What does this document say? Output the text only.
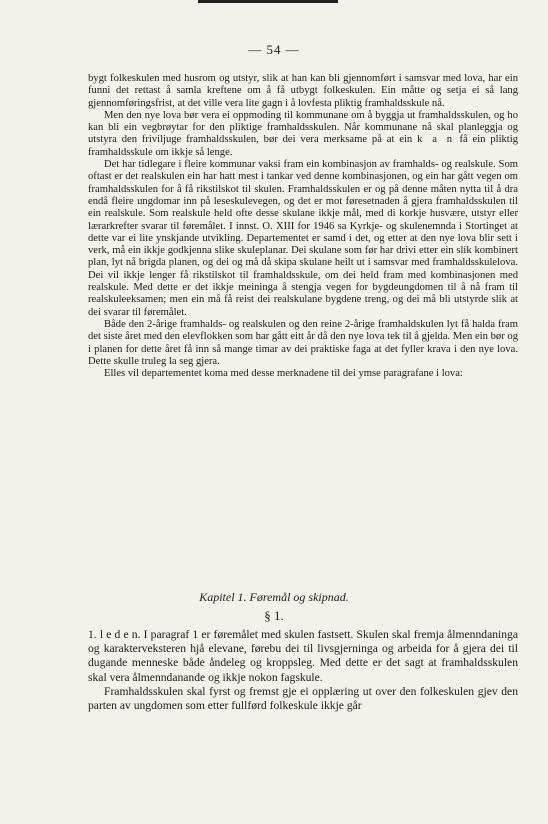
— 54 —

bygt folkeskulen med husrom og utstyr, slik at han kan bli gjennomført i samsvar med lova, har ein funni det rettast å samla kreftene om å få utbygt folkeskulen. Ein måtte og setja ei så lang gjennomføringsfrist, at det ville vera lite gagn i å lovfesta pliktig framhaldsskule nå.

Men den nye lova bør vera ei oppmoding til kommunane om å byggja ut framhaldsskulen, og ho kan bli ein vegbrøytar for den pliktige framhaldsskulen. Når kommunane nå skal planleggja og utstyra den friviljuge framhaldsskulen, bør dei vera merksame på at ein k a n få ein pliktig framhaldsskule om ikkje så lenge.

Det har tidlegare i fleire kommunar vaksi fram ein kombinasjon av framhalds- og realskule. Som oftast er det realskulen ein har hatt mest i tankar ved denne kombinasjonen, og ein har gått vegen om framhaldsskulen for å få rikstilskot til skulen. Framhaldsskulen er og på denne måten nytta til å dra endå fleire ungdomar inn på leseskulevegen, og det er mot føresetnaden å gjera framhaldsskulen til ein realskule. Som realskule held ofte desse skulane ikkje mål, med di korkje husvære, utstyr eller lærarkrefter svarar til føremålet. I innst. O. XIII for 1946 sa Kyrkje- og skulenemnda i Stortinget at dette var ei lite ynskjande utvikling. Departementet er samd i det, og etter at den nye lova blir sett i verk, må ein ikkje godkjenna slike skuleplanar. Dei skulane som før har drivi etter ein slik kombinert plan, lyt nå brigda planen, og dei og må då skipa skulane heilt ut i samsvar med framhaldsskulelova. Dei vil ikkje lenger få rikstilskot til framhaldsskule, om dei held fram med kombinasjonen med realskule. Med dette er det ikkje meininga å stengja vegen for bygdeungdomen til å nå fram til realskuleeksamen; men ein må få reist dei realskulane bygdene treng, og dei må bli utstyrde slik at dei svarar til føremålet.

Både den 2-årige framhalds- og realskulen og den reine 2-årige framhaldskulen lyt få halda fram det siste året med den elevflokken som har gått eitt år då den nye lova tek til å gjelda. Men ein bør og i planen for dette året få inn så mange timar av dei praktiske faga at det fyller krava i den nye lova. Dette skulle truleg la seg gjera.

Elles vil departementet koma med desse merknadene til dei ymse paragrafane i lova:

Kapitel 1. Føremål og skipnad.
§ 1.

1. l e d e n. I paragraf 1 er føremålet med skulen fastsett. Skulen skal fremja ålmenndaninga og karakterveksteren hjå elevane, førebu dei til livsgjerninga og arbeida for å gjera dei til dugande menneske både åndeleg og kroppsleg. Med dette er det sagt at framhaldsskulen skal vera ålmenndanande og ikkje nokon fagskule.

Framhaldsskulen skal fyrst og fremst gje ei opplæring ut over den folkeskulen gjev den parten av ungdomen som etter fullførd folkeskule ikkje går
